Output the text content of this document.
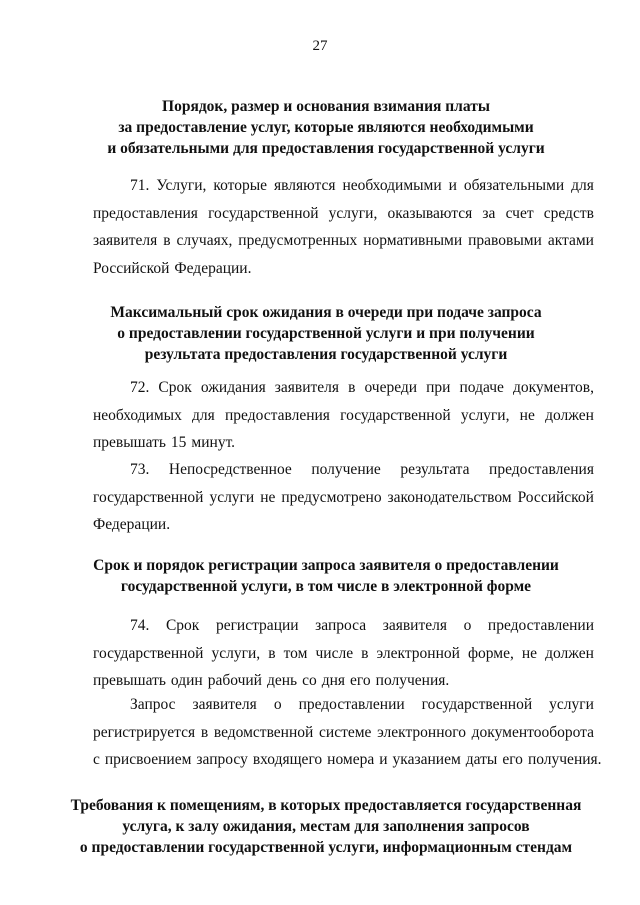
27
Порядок, размер и основания взимания платы
за предоставление услуг, которые являются необходимыми
и обязательными для предоставления государственной услуги
71. Услуги, которые являются необходимыми и обязательными для
предоставления государственной услуги, оказываются за счет средств
заявителя в случаях, предусмотренных нормативными правовыми актами
Российской Федерации.
Максимальный срок ожидания в очереди при подаче запроса
о предоставлении государственной услуги и при получении
результата предоставления государственной услуги
72. Срок ожидания заявителя в очереди при подаче документов,
необходимых для предоставления государственной услуги, не должен
превышать 15 минут.
73. Непосредственное получение результата предоставления
государственной услуги не предусмотрено законодательством Российской
Федерации.
Срок и порядок регистрации запроса заявителя о предоставлении
государственной услуги, в том числе в электронной форме
74. Срок регистрации запроса заявителя о предоставлении
государственной услуги, в том числе в электронной форме, не должен
превышать один рабочий день со дня его получения.
Запрос заявителя о предоставлении государственной услуги
регистрируется в ведомственной системе электронного документооборота
с присвоением запросу входящего номера и указанием даты его получения.
Требования к помещениям, в которых предоставляется государственная
услуга, к залу ожидания, местам для заполнения запросов
о предоставлении государственной услуги, информационным стендам
